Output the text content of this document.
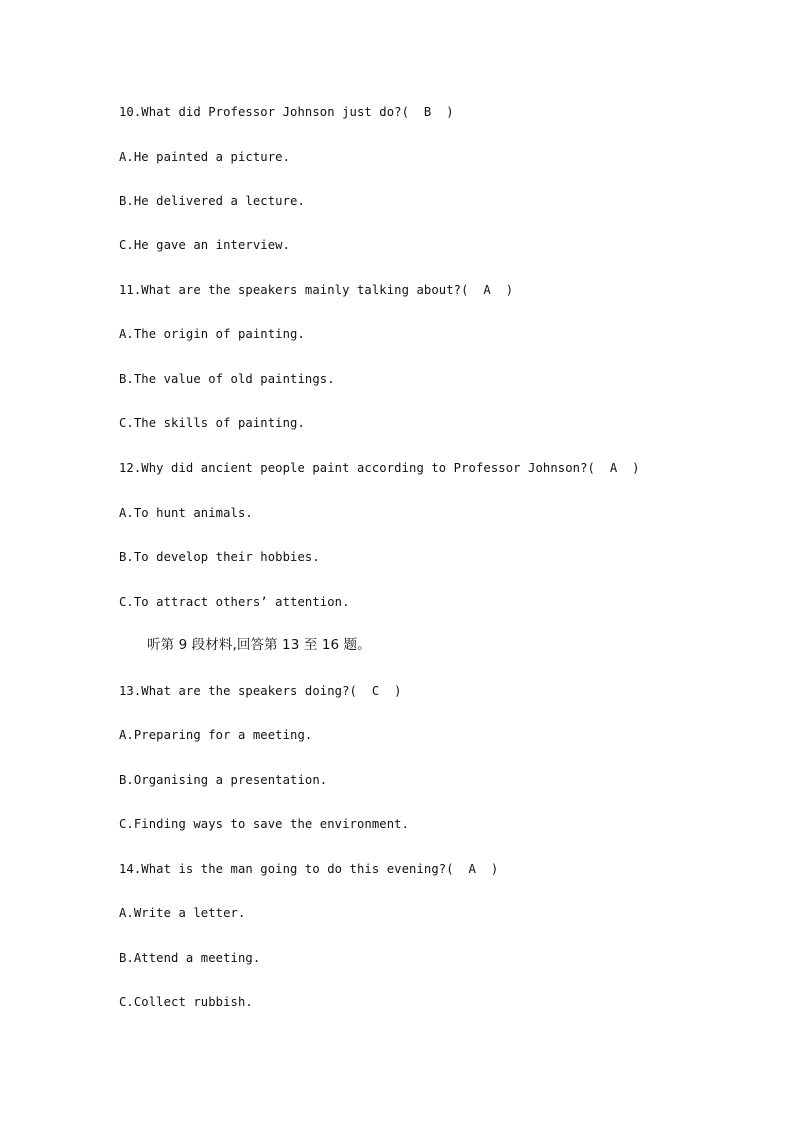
10.What did Professor Johnson just do?(  B  )
A.He painted a picture.
B.He delivered a lecture.
C.He gave an interview.
11.What are the speakers mainly talking about?(  A  )
A.The origin of painting.
B.The value of old paintings.
C.The skills of painting.
12.Why did ancient people paint according to Professor Johnson?(  A  )
A.To hunt animals.
B.To develop their hobbies.
C.To attract others’ attention.
听第 9 段材料,回答第 13 至 16 题。
13.What are the speakers doing?(  C  )
A.Preparing for a meeting.
B.Organising a presentation.
C.Finding ways to save the environment.
14.What is the man going to do this evening?(  A  )
A.Write a letter.
B.Attend a meeting.
C.Collect rubbish.
